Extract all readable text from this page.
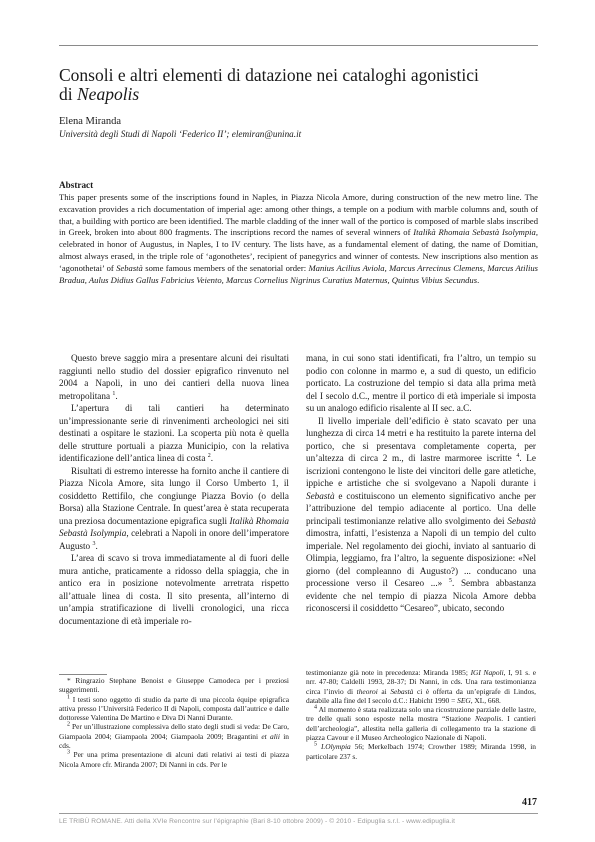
Consoli e altri elementi di datazione nei cataloghi agonistici
di Neapolis

Elena Miranda

Università degli Studi di Napoli ‘Federico II’; elemiran@unina.it

Abstract

This paper presents some of the inscriptions found in Naples, in Piazza Nicola Amore, during construction of the new metro line. The excavation provides a rich documentation of imperial age: among other things, a temple on a podium with marble columns and, south of that, a building with portico are been identified. The marble cladding of the inner wall of the portico is composed of marble slabs inscribed in Greek, broken into about 800 fragments. The inscriptions record the names of several winners of Italikà Rhomaia Sebastà Isolympia, celebrated in honor of Augustus, in Naples, I to IV century. The lists have, as a fundamental element of dating, the name of Domitian, almost always erased, in the triple role of ‘agonothetes’, recipient of panegyrics and winner of contests. New inscriptions also mention as ‘agonothetai’ of Sebastà some famous members of the senatorial order: Manius Acilius Aviola, Marcus Arrecinus Clemens, Marcus Atilius Bradua, Aulus Didius Gallus Fabricius Veiento, Marcus Cornelius Nigrinus Curatius Maternus, Quintus Vibius Secundus.

Questo breve saggio mira a presentare alcuni dei risultati raggiunti nello studio del dossier epigrafico rinvenuto nel 2004 a Napoli, in uno dei cantieri della nuova linea metropolitana $^1$.

L’apertura di tali cantieri ha determinato un’impressionante serie di rinvenimenti archeologici nei siti destinati a ospitare le stazioni. La scoperta più nota è quella delle strutture portuali a piazza Municipio, con la relativa identificazione dell’antica linea di costa $^2$.

Risultati di estremo interesse ha fornito anche il cantiere di Piazza Nicola Amore, sita lungo il Corso Umberto 1, il cosiddetto Rettifilo, che congiunge Piazza Bovio (o della Borsa) alla Stazione Centrale. In quest’area è stata recuperata una preziosa documentazione epigrafica sugli Italikà Rhomaia Sebastà Isolympia, celebrati a Napoli in onore dell’imperatore Augusto $^3$.

L’area di scavo si trova immediatamente al di fuori delle mura antiche, praticamente a ridosso della spiaggia, che in antico era in posizione notevolmente arretrata rispetto all’attuale linea di costa. Il sito presenta, all’interno di un’ampia stratificazione di livelli cronologici, una ricca documentazione di età imperiale ro-

mana, in cui sono stati identificati, fra l’altro, un tempio su podio con colonne in marmo e, a sud di questo, un edificio porticato. La costruzione del tempio si data alla prima metà del I secolo d.C., mentre il portico di età imperiale si imposta su un analogo edificio risalente al II sec. a.C.

Il livello imperiale dell’edificio è stato scavato per una lunghezza di circa 14 metri e ha restituito la parete interna del portico, che si presentava completamente coperta, per un’altezza di circa 2 m., di lastre marmoree iscritte $^4$. Le iscrizioni contengono le liste dei vincitori delle gare atletiche, ippiche e artistiche che si svolgevano a Napoli durante i Sebastà e costituiscono un elemento significativo anche per l’attribuzione del tempio adiacente al portico. Una delle principali testimonianze relative allo svolgimento dei Sebastà dimostra, infatti, l’esistenza a Napoli di un tempio del culto imperiale. Nel regolamento dei giochi, inviato al santuario di Olimpia, leggiamo, fra l’altro, la seguente disposizione: «Nel giorno (del compleanno di Augusto?) ... conducano una processione verso il Cesareo ...» $^5$. Sembra abbastanza evidente che nel tempio di piazza Nicola Amore debba riconoscersi il cosiddetto “Cesareo”, ubicato, secondo

* Ringrazio Stephane Benoist e Giuseppe Camodeca per i preziosi suggerimenti.

$^1$ I testi sono oggetto di studio da parte di una piccola équipe epigrafica attiva presso l’Università Federico II di Napoli, composta dall’autrice e dalle dottoresse Valentina De Martino e Diva Di Nanni Durante.

$^2$ Per un’illustrazione complessiva dello stato degli studi si veda: De Caro, Giampaola 2004; Giampaola 2004; Giampaola 2009; Bragantini et alii in cds.

$^3$ Per una prima presentazione di alcuni dati relativi ai testi di piazza Nicola Amore cfr. Miranda 2007; Di Nanni in cds. Per le

testimonianze già note in precedenza: Miranda 1985; IGI Napoli, I, 91 s. e nrr. 47-80; Caldelli 1993, 28-37; Di Nanni, in cds. Una rara testimonianza circa l’invio di theoroi ai Sebastà ci è offerta da un’epigrafe di Lindos, databile alla fine del I secolo d.C.: Habicht 1990 = SEG, XL, 668.

$^4$ Al momento è stata realizzata solo una ricostruzione parziale delle lastre, tre delle quali sono esposte nella mostra “Stazione Neapolis. I cantieri dell’archeologia”, allestita nella galleria di collegamento tra la stazione di piazza Cavour e il Museo Archeologico Nazionale di Napoli.

$^5$ I.Olympia 56; Merkelbach 1974; Crowther 1989; Miranda 1998, in particolare 237 s.

417
LE TRIBÙ ROMANE. Atti della XVIe Rencontre sur l’épigraphie (Bari 8-10 ottobre 2009) - © 2010 - Edipuglia s.r.l. - www.edipuglia.it
